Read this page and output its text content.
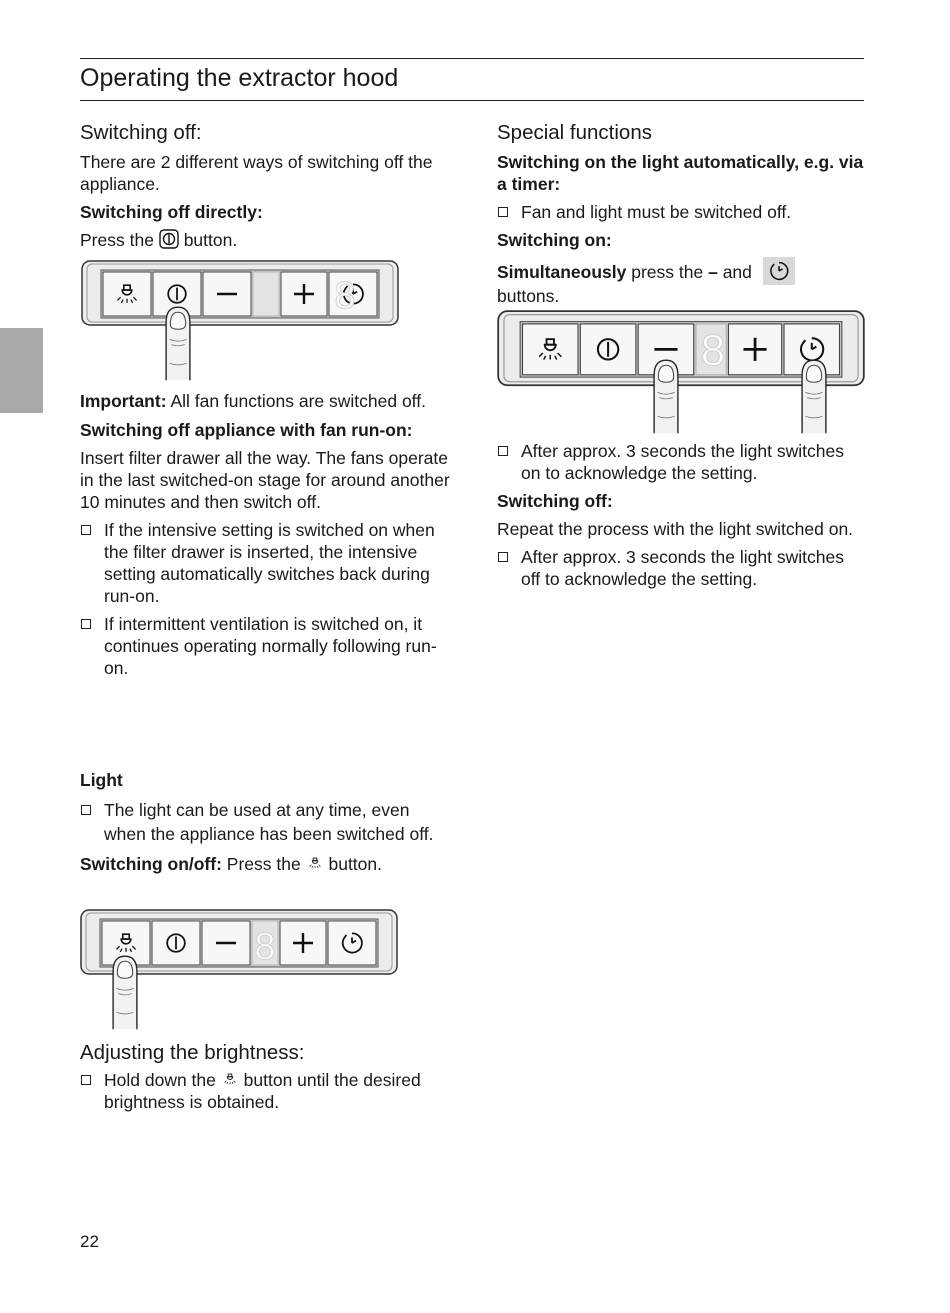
Operating the extractor hood
Switching off:

There are 2 different ways of switching off the appliance.

Switching off directly:

Press the button.

8

Important: All fan functions are switched off.

Switching off appliance with fan run-on:

Insert filter drawer all the way. The fans operate in the last switched-on stage for around another 10 minutes and then switch off.

If the intensive setting is switched on when the filter drawer is inserted, the intensive setting automatically switches back during run-on.

If intermittent ventilation is switched on, it continues operating normally following run-on.

Light

The light can be used at any time, even when the appliance has been switched off.

Switching on/off: Press the button.

8
Adjusting the brightness:

Hold down the button until the desired brightness is obtained.

Special functions

Switching on the light automatically, e.g. via a timer:

Fan and light must be switched off.

Switching on:

Simultaneously press the – and
buttons.

8

After approx. 3 seconds the light switches on to acknowledge the setting.

Switching off:

Repeat the process with the light switched on.

After approx. 3 seconds the light switches off to acknowledge the setting.

22
